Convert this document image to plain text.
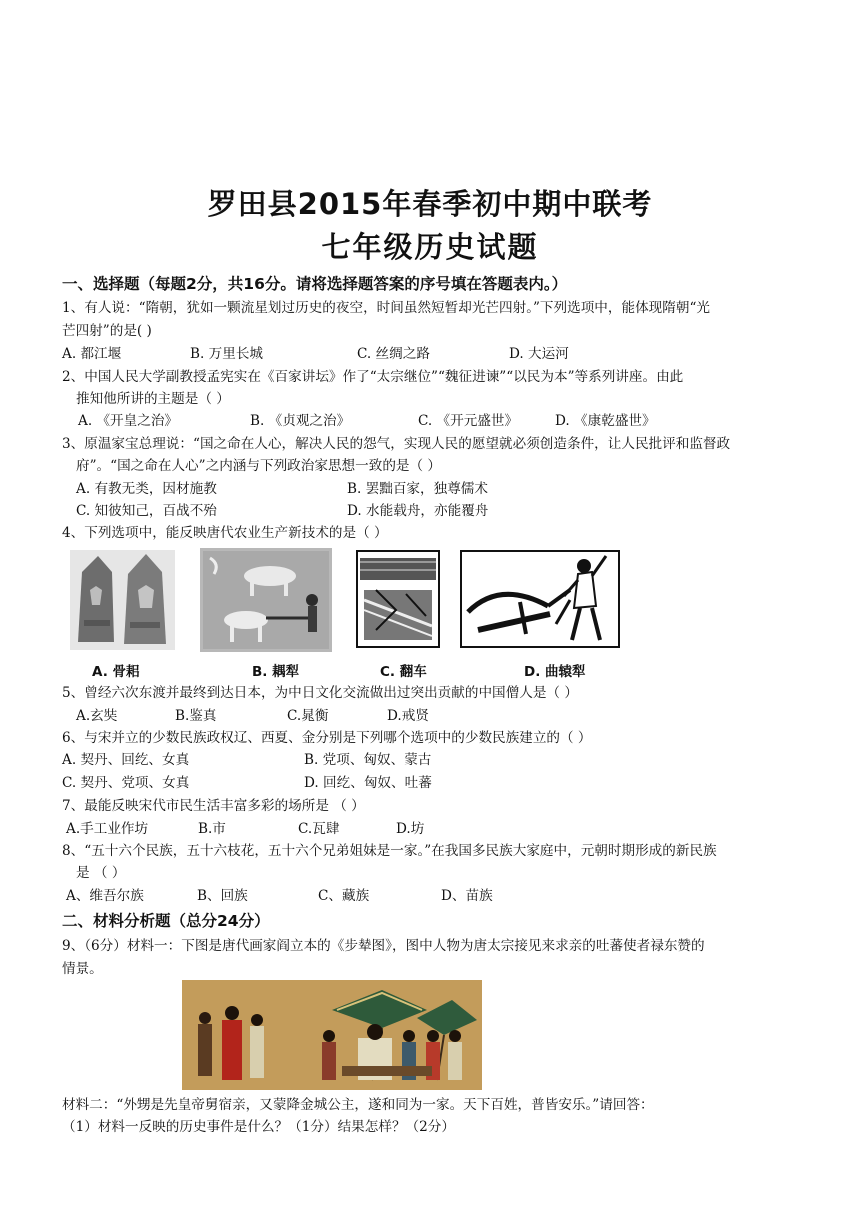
罗田县2015年春季初中期中联考
七年级历史试题
一、选择题（每题2分，共16分。请将选择题答案的序号填在答题表内。）
1、有人说：“隋朝，犹如一颗流星划过历史的夜空，时间虽然短暂却光芒四射。”下列选项中，能体现隋朝“光
芒四射”的是( )
A. 都江堰	B. 万里长城	C. 丝绸之路	D. 大运河
2、中国人民大学副教授孟宪实在《百家讲坛》作了“太宗继位”“魏征进谏”“以民为本”等系列讲座。由此
推知他所讲的主题是（ ）
A. 《开皇之治》	B. 《贞观之治》	C. 《开元盛世》	D. 《康乾盛世》
3、原温家宝总理说：“国之命在人心，解决人民的怨气，实现人民的愿望就必须创造条件，让人民批评和监督政
府”。“国之命在人心”之内涵与下列政治家思想一致的是（ ）
A. 有教无类，因材施教	B. 罢黜百家，独尊儒术
C. 知彼知己，百战不殆	D. 水能载舟，亦能覆舟
4、下列选项中，能反映唐代农业生产新技术的是（ ）
A. 骨耜	B. 耦犁	C. 翻车	D. 曲辕犁
5、曾经六次东渡并最终到达日本，为中日文化交流做出过突出贡献的中国僧人是（ ）
A.玄奘	B.鉴真	C.晁衡	D.戒贤
6、与宋并立的少数民族政权辽、西夏、金分别是下列哪个选项中的少数民族建立的（ ）
A. 契丹、回纥、女真	B. 党项、匈奴、蒙古
C. 契丹、党项、女真	D. 回纥、匈奴、吐蕃
7、最能反映宋代市民生活丰富多彩的场所是 （ ）
A.手工业作坊	B.市	C.瓦肆	D.坊
8、“五十六个民族，五十六枝花，五十六个兄弟姐妹是一家。”在我国多民族大家庭中，元朝时期形成的新民族
是 （ ）
A、维吾尔族	B、回族	C、藏族	D、苗族
二、材料分析题（总分24分）
9、（6分）材料一：下图是唐代画家阎立本的《步辇图》，图中人物为唐太宗接见来求亲的吐蕃使者禄东赞的
情景。
材料二：“外甥是先皇帝舅宿亲，又蒙降金城公主，遂和同为一家。天下百姓，普皆安乐。”请回答：
（1）材料一反映的历史事件是什么？（1分）结果怎样？（2分）
